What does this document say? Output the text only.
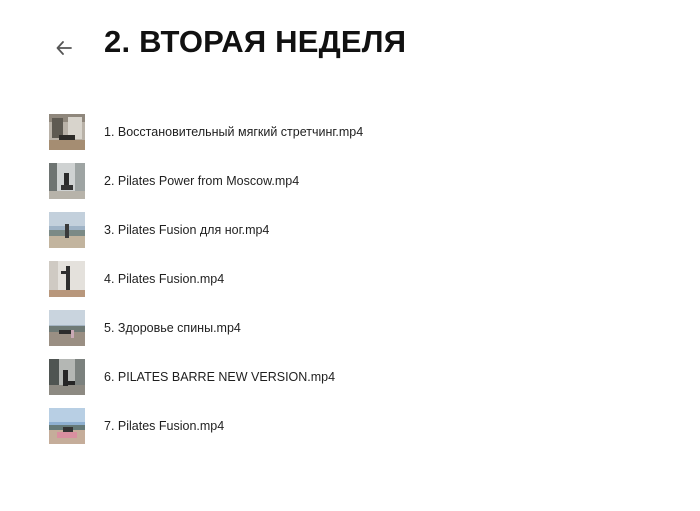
2. ВТОРАЯ НЕДЕЛЯ
1. Восстановительный мягкий стретчинг.mp4
2. Pilates Power from Moscow.mp4
3. Pilates Fusion для ног.mp4
4. Pilates Fusion.mp4
5. Здоровье спины.mp4
6. PILATES BARRE NEW VERSION.mp4
7. Pilates Fusion.mp4
